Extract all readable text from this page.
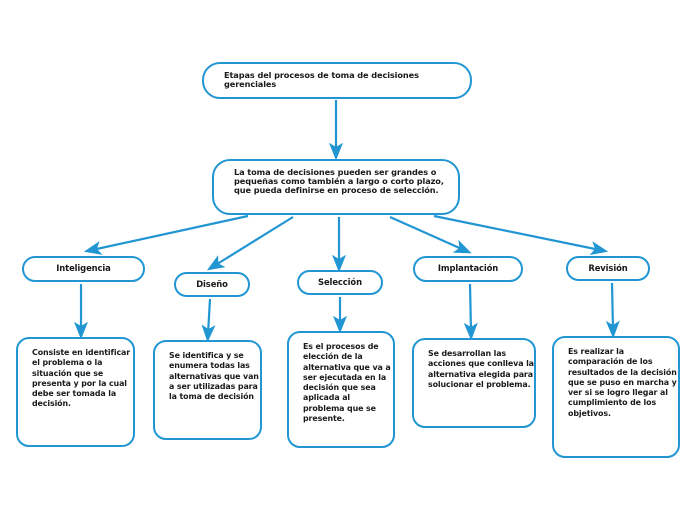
Etapas del procesos de toma de decisiones gerenciales
La toma de decisiones pueden ser grandes o pequeñas como también a largo o corto plazo, que pueda definirse en proceso de selección.
Inteligencia
Diseño	Selección
Implantación	Revisión
Consiste en identificar el problema o la situación que se presenta y por la cual debe ser tomada la decisión.
Se identifica y se enumera todas las alternativas que van a ser utilizadas para la toma de decisión
Es el procesos de elección de la alternativa que va a ser ejecutada en la decisión que sea aplicada al problema que se presente.
Se desarrollan las acciones que conlleva la alternativa elegida para solucionar el problema.
Es realizar la comparación de los resultados de la decisión que se puso en marcha y ver si se logro llegar al cumplimiento de los objetivos.
